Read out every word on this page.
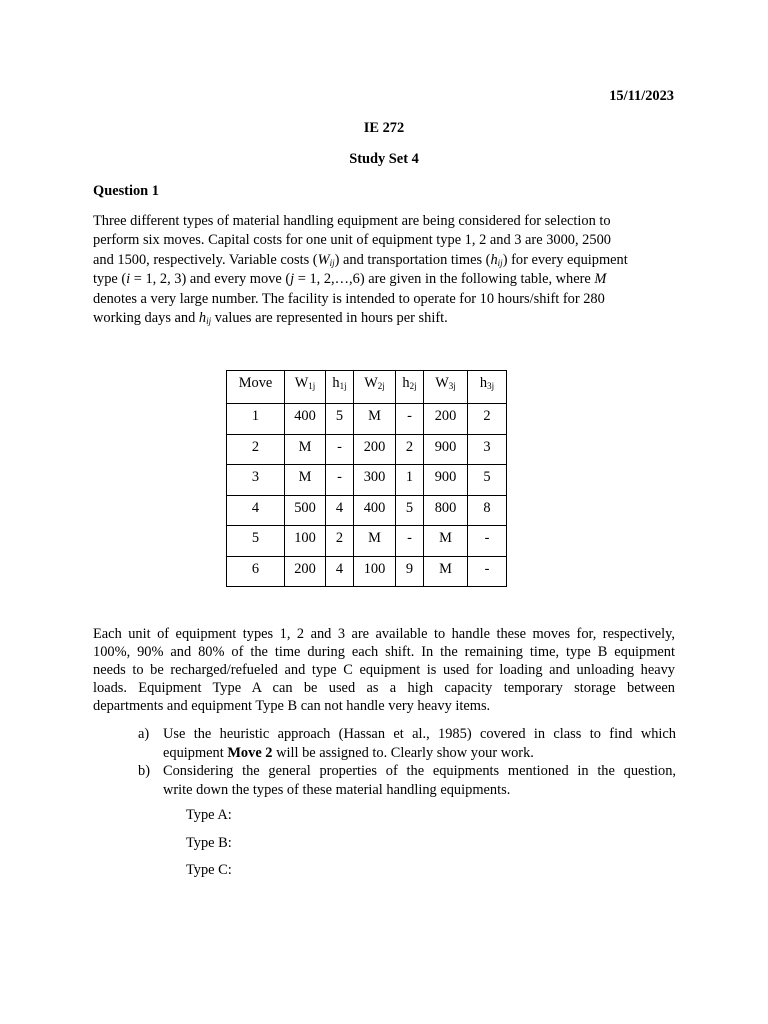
15/11/2023
IE 272
Study Set 4
Question 1
Three different types of material handling equipment are being considered for selection to
perform six moves. Capital costs for one unit of equipment type 1, 2 and 3 are 3000, 2500
and 1500, respectively. Variable costs $(W_{ij})$ and transportation times $(h_{ij})$ for every equipment
type (i = 1, 2, 3) and every move (j = 1, 2,…,6) are given in the following table, where M
denotes a very large number. The facility is intended to operate for 10 hours/shift for 280
working days and $h_{ij}$ values are represented in hours per shift.
Move	$W_{1j}$	$h_{1j}$	$W_{2j}$	$h_{2j}$	$W_{3j}$	$h_{3j}$
1	400	5	M	-	200	2
2	M	-	200	2	900	3
3	M	-	300	1	900	5
4	500	4	400	5	800	8
5	100	2	M	-	M	-
6	200	4	100	9	M	-
Each unit of equipment types 1, 2 and 3 are available to handle these moves for, respectively,
100%, 90% and 80% of the time during each shift. In the remaining time, type B equipment
needs to be recharged/refueled and type C equipment is used for loading and unloading heavy
loads. Equipment Type A can be used as a high capacity temporary storage between
departments and equipment Type B can not handle very heavy items.
a) Use the heuristic approach (Hassan et al., 1985) covered in class to find which
equipment Move 2 will be assigned to. Clearly show your work.
b) Considering the general properties of the equipments mentioned in the question,
write down the types of these material handling equipments.
Type A:
Type B:
Type C:
